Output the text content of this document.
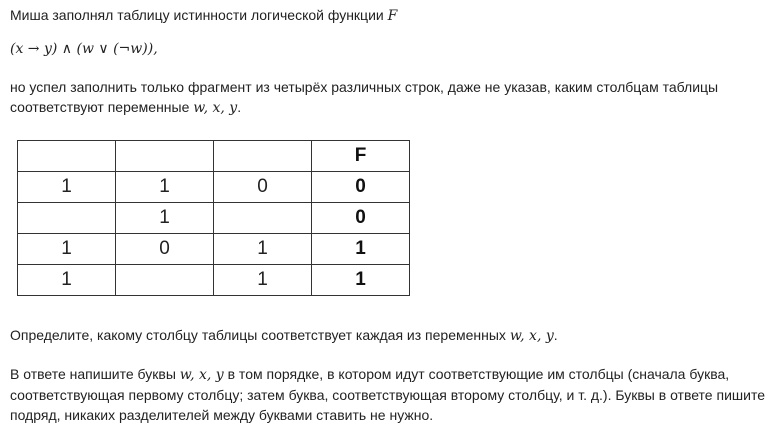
Миша заполнял таблицу истинности логической функции F

(x → y) ∧ (w ∨ (¬w)),

но успел заполнить только фрагмент из четырёх различных строк, даже не указав, каким столбцам таблицы соответствуют переменные w, x, y.

			F
1	1	0	0
	1		0
1	0	1	1
1		1	1

Определите, какому столбцу таблицы соответствует каждая из переменных w, x, y.

В ответе напишите буквы w, x, y в том порядке, в котором идут соответствующие им столбцы (сначала буква, соответствующая первому столбцу; затем буква, соответствующая второму столбцу, и т. д.). Буквы в ответе пишите подряд, никаких разделителей между буквами ставить не нужно.
